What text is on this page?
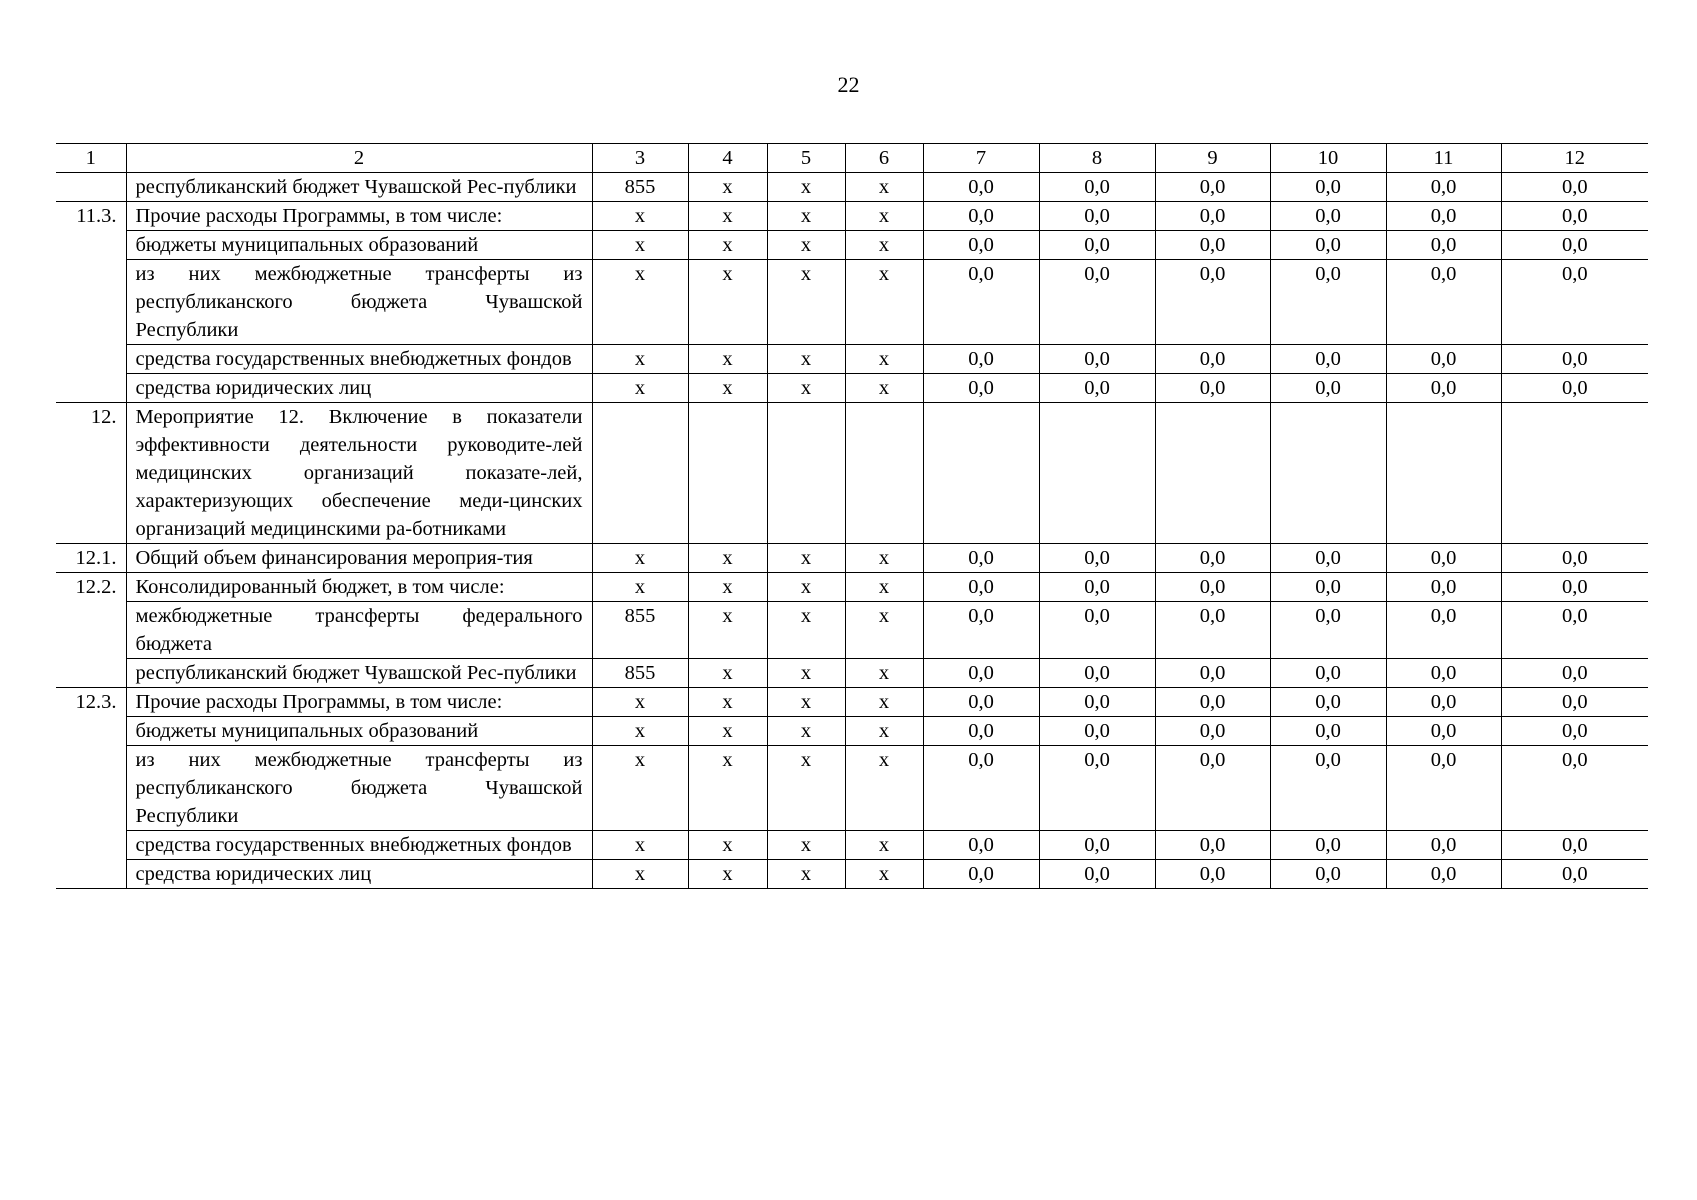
22
1	2	3	4	5	6	7	8	9	10	11	12
	республиканский бюджет Чувашской Рес-публики	855	x	x	x	0,0	0,0	0,0	0,0	0,0	0,0
11.3.	Прочие расходы Программы, в том числе:	x	x	x	x	0,0	0,0	0,0	0,0	0,0	0,0
	бюджеты муниципальных образований	x	x	x	x	0,0	0,0	0,0	0,0	0,0	0,0
	из них межбюджетные трансферты из республиканского бюджета Чувашской Республики	x	x	x	x	0,0	0,0	0,0	0,0	0,0	0,0
	средства государственных внебюджетных фондов	x	x	x	x	0,0	0,0	0,0	0,0	0,0	0,0
	средства юридических лиц	x	x	x	x	0,0	0,0	0,0	0,0	0,0	0,0
12.	Мероприятие 12. Включение в показатели эффективности деятельности руководите-лей медицинских организаций показате-лей, характеризующих обеспечение меди-цинских организаций медицинскими ра-ботниками										
12.1.	Общий объем финансирования мероприя-тия	x	x	x	x	0,0	0,0	0,0	0,0	0,0	0,0
12.2.	Консолидированный бюджет, в том числе:	x	x	x	x	0,0	0,0	0,0	0,0	0,0	0,0
	межбюджетные трансферты федерального бюджета	855	x	x	x	0,0	0,0	0,0	0,0	0,0	0,0
	республиканский бюджет Чувашской Рес-публики	855	x	x	x	0,0	0,0	0,0	0,0	0,0	0,0
12.3.	Прочие расходы Программы, в том числе:	x	x	x	x	0,0	0,0	0,0	0,0	0,0	0,0
	бюджеты муниципальных образований	x	x	x	x	0,0	0,0	0,0	0,0	0,0	0,0
	из них межбюджетные трансферты из республиканского бюджета Чувашской Республики	x	x	x	x	0,0	0,0	0,0	0,0	0,0	0,0
	средства государственных внебюджетных фондов	x	x	x	x	0,0	0,0	0,0	0,0	0,0	0,0
	средства юридических лиц	x	x	x	x	0,0	0,0	0,0	0,0	0,0	0,0
